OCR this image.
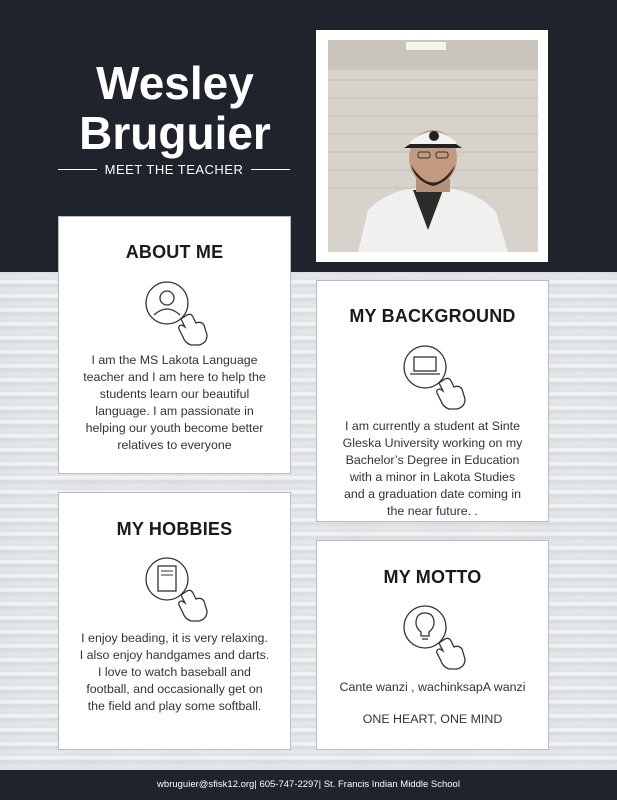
Wesley
Bruguier
MEET THE TEACHER
ABOUT ME

I am the MS Lakota Language

teacher and I am here to help the

students learn our beautiful

language. I am passionate in

helping our youth become better

relatives to everyone

MY BACKGROUND

I am currently a student at Sinte

Gleska University working on my

Bachelor’s Degree in Education

with a minor in Lakota Studies

and a graduation date coming in

the near future. .

MY HOBBIES

I enjoy beading, it is very relaxing.

I also enjoy handgames and darts.

I love to watch baseball and

football, and occasionally get on

the field and play some softball.

MY MOTTO

Cante wanzi , wachinksapA wanzi

ONE HEART, ONE MIND

wbruguier@sfisk12.org| 605-747-2297| St. Francis Indian Middle School
